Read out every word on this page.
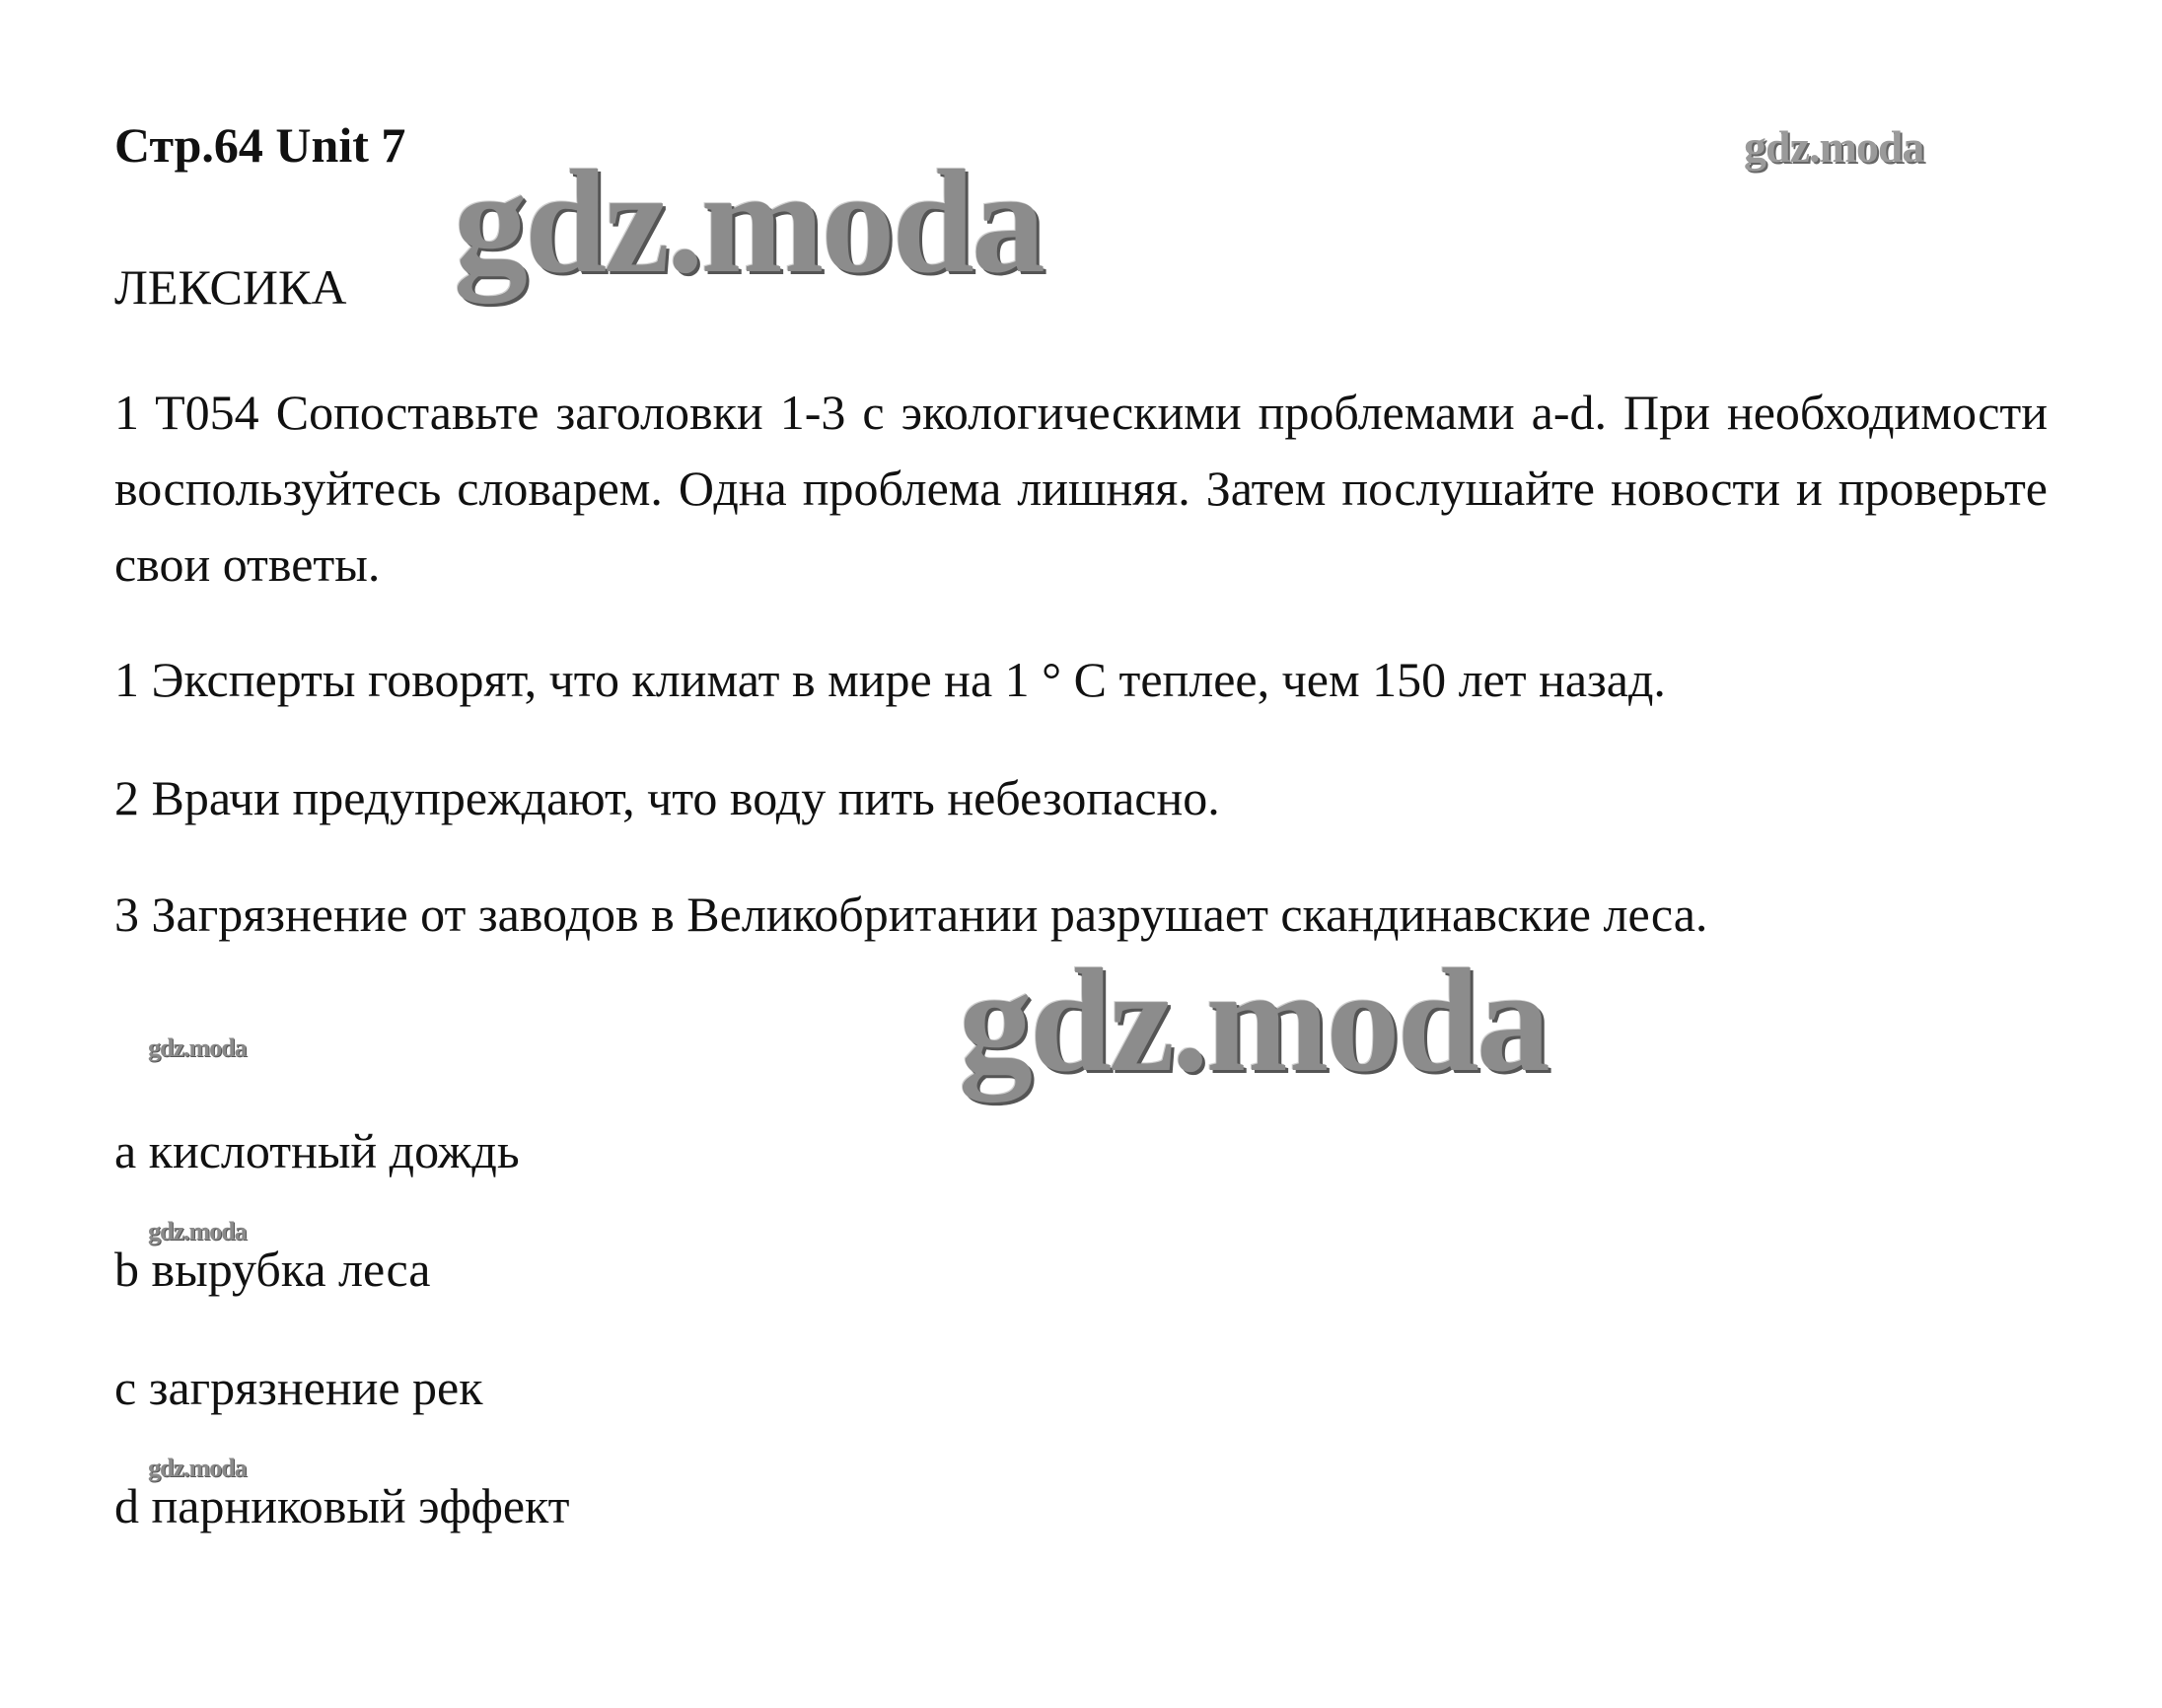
Стр.64 Unit 7 gdz.moda	gdz.moda
ЛЕКСИКА
1 T054 Сопоставьте заголовки 1-3 с экологическими проблемами a-d. При необходимости воспользуйтесь словарем. Одна проблема лишняя. Затем послушайте новости и проверьте свои ответы.
1 Эксперты говорят, что климат в мире на 1 ° C теплее, чем 150 лет назад.
2 Врачи предупреждают, что воду пить небезопасно.
3 Загрязнение от заводов в Великобритании разрушает скандинавские леса.
gdz.moda
gdz.moda
a кислотный дождь
gdz.moda
b вырубка леса
c загрязнение рек
gdz.moda
d парниковый эффект
